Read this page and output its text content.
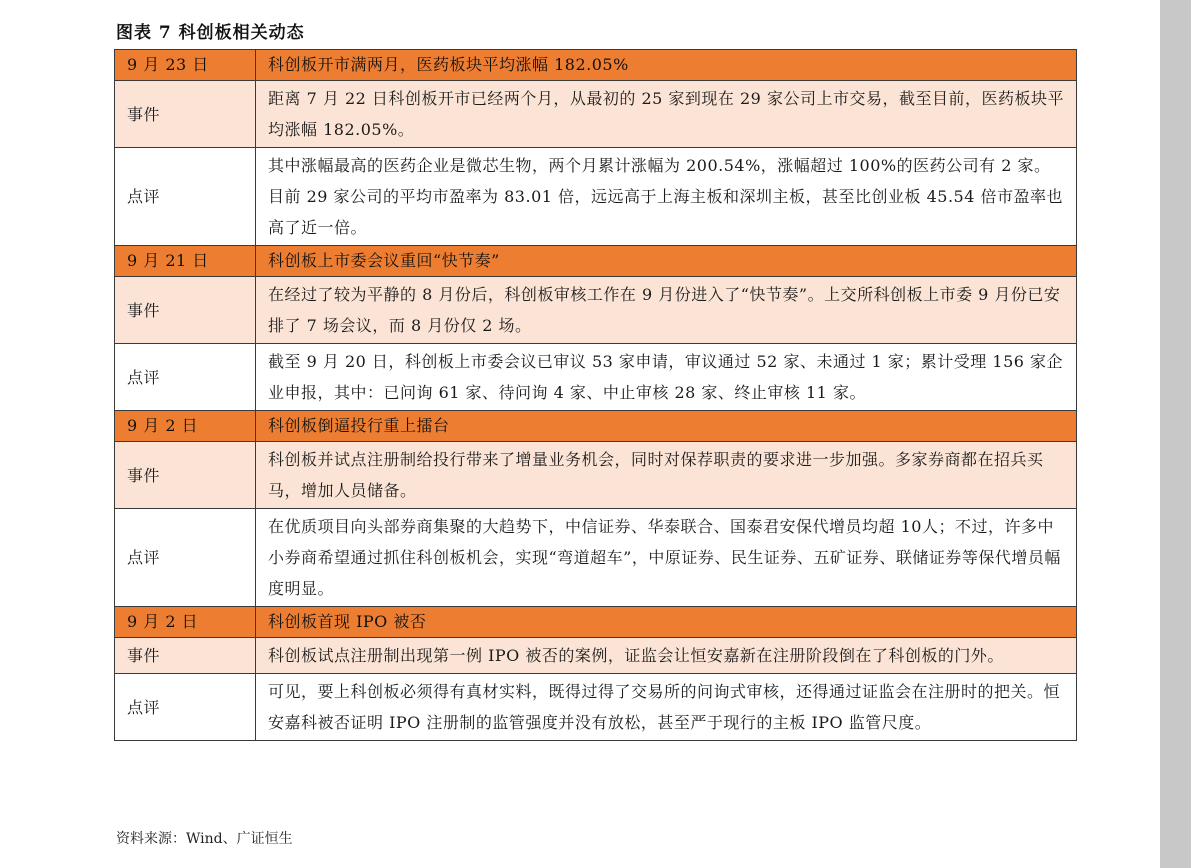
图表 7 科创板相关动态
9 月 23 日	科创板开市满两月，医药板块平均涨幅 182.05%
事件	距离 7 月 22 日科创板开市已经两个月，从最初的 25 家到现在 29 家公司上市交易，截至目前，医药板块平均涨幅 182.05%。
点评	其中涨幅最高的医药企业是微芯生物，两个月累计涨幅为 200.54%，涨幅超过 100%的医药公司有 2 家。目前 29 家公司的平均市盈率为 83.01 倍，远远高于上海主板和深圳主板，甚至比创业板 45.54 倍市盈率也高了近一倍。
9 月 21 日	科创板上市委会议重回“快节奏”
事件	在经过了较为平静的 8 月份后，科创板审核工作在 9 月份进入了“快节奏”。上交所科创板上市委 9 月份已安排了 7 场会议，而 8 月份仅 2 场。
点评	截至 9 月 20 日，科创板上市委会议已审议 53 家申请，审议通过 52 家、未通过 1 家；累计受理 156 家企业申报，其中：已问询 61 家、待问询 4 家、中止审核 28 家、终止审核 11 家。
9 月 2 日	科创板倒逼投行重上擂台
事件	科创板并试点注册制给投行带来了增量业务机会，同时对保荐职责的要求进一步加强。多家券商都在招兵买马，增加人员储备。
点评	在优质项目向头部券商集聚的大趋势下，中信证券、华泰联合、国泰君安保代增员均超 10人；不过，许多中小券商希望通过抓住科创板机会，实现“弯道超车”，中原证券、民生证券、五矿证券、联储证券等保代增员幅度明显。
9 月 2 日	科创板首现 IPO 被否
事件	科创板试点注册制出现第一例 IPO 被否的案例，证监会让恒安嘉新在注册阶段倒在了科创板的门外。
点评	可见，要上科创板必须得有真材实料，既得过得了交易所的问询式审核，还得通过证监会在注册时的把关。恒安嘉科被否证明 IPO 注册制的监管强度并没有放松，甚至严于现行的主板 IPO 监管尺度。
资料来源：Wind、广证恒生
